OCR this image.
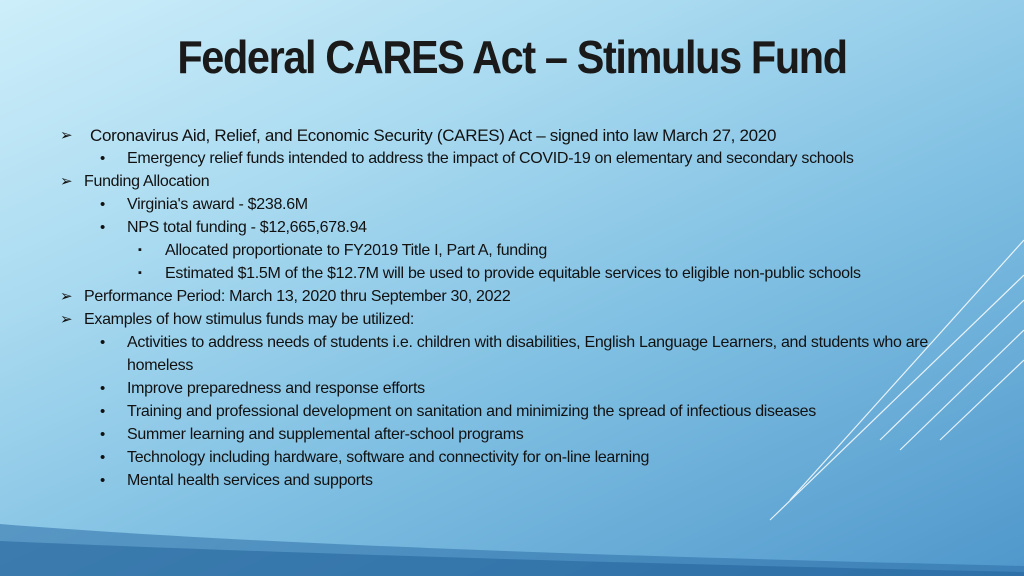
Federal CARES Act – Stimulus Fund
➢ Coronavirus Aid, Relief, and Economic Security (CARES) Act – signed into law March 27, 2020
• Emergency relief funds intended to address the impact of COVID-19 on elementary and secondary schools
➢ Funding Allocation
• Virginia's award - $238.6M
• NPS total funding - $12,665,678.94
▪ Allocated proportionate to FY2019 Title I, Part A, funding
▪ Estimated $1.5M of the $12.7M will be used to provide equitable services to eligible non-public schools
➢ Performance Period: March 13, 2020 thru September 30, 2022
➢ Examples of how stimulus funds may be utilized:
• Activities to address needs of students i.e. children with disabilities, English Language Learners, and students who are homeless
• Improve preparedness and response efforts
• Training and professional development on sanitation and minimizing the spread of infectious diseases
• Summer learning and supplemental after-school programs
• Technology including hardware, software and connectivity for on-line learning
• Mental health services and supports
